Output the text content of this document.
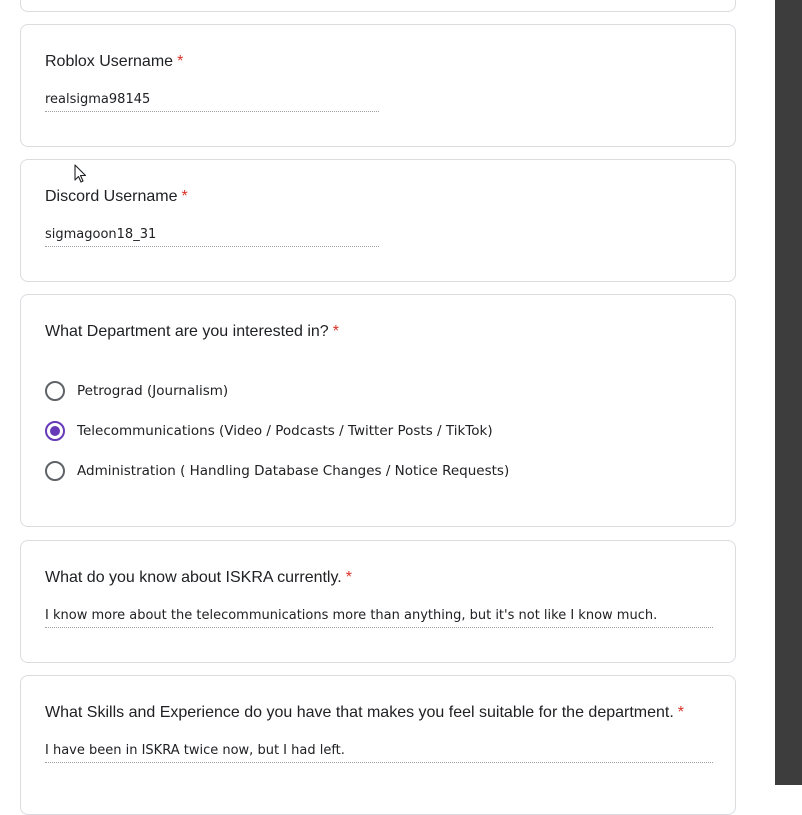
Roblox Username *
realsigma98145
Discord Username *
sigmagoon18_31
What Department are you interested in? *
Petrograd (Journalism)
Telecommunications (Video / Podcasts / Twitter Posts / TikTok)
Administration ( Handling Database Changes / Notice Requests)
What do you know about ISKRA currently. *
I know more about the telecommunications more than anything, but it's not like I know much.
What Skills and Experience do you have that makes you feel suitable for the department. *
I have been in ISKRA twice now, but I had left.
